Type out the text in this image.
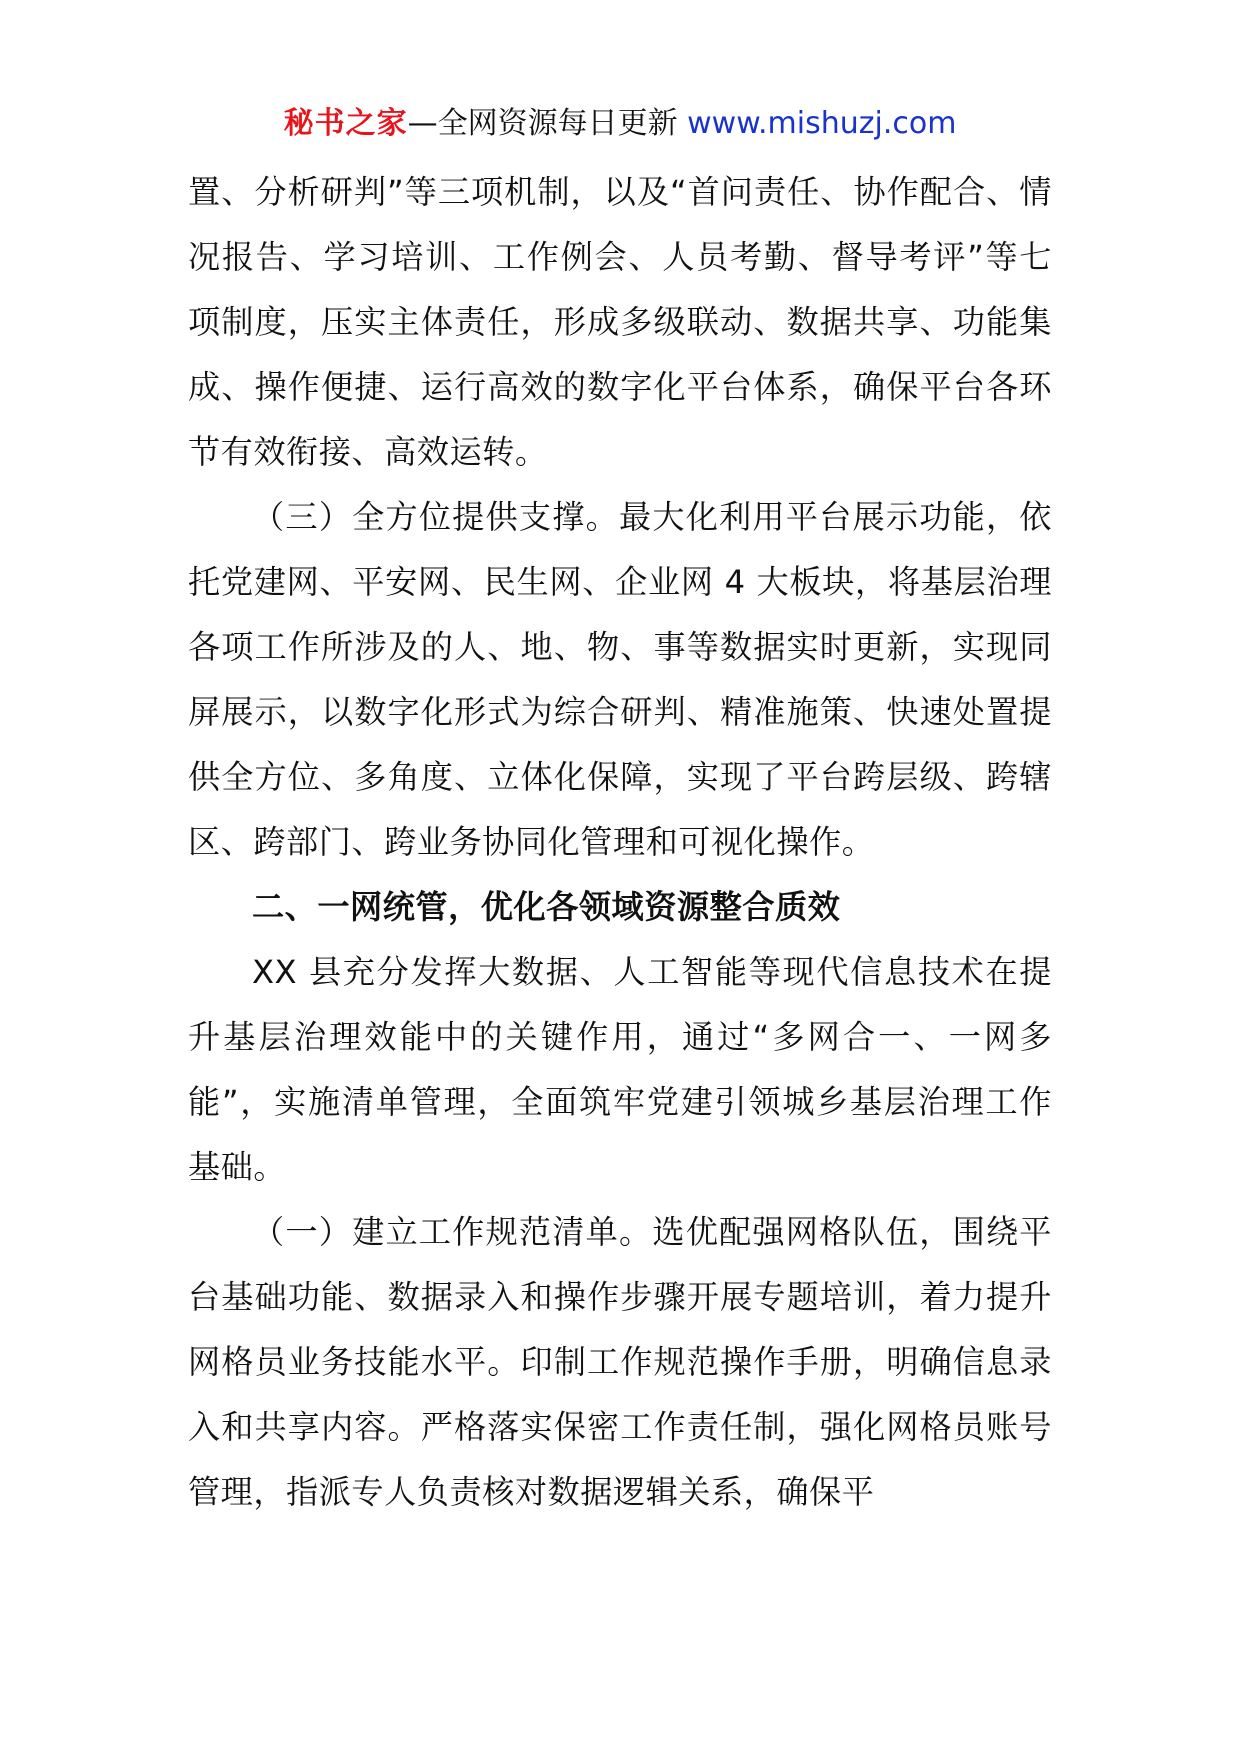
秘书之家—全网资源每日更新 www.mishuzj.com

置、分析研判”等三项机制，以及“首问责任、协作配合、情况报告、学习培训、工作例会、人员考勤、督导考评”等七项制度，压实主体责任，形成多级联动、数据共享、功能集成、操作便捷、运行高效的数字化平台体系，确保平台各环节有效衔接、高效运转。

（三）全方位提供支撑。最大化利用平台展示功能，依托党建网、平安网、民生网、企业网 4 大板块，将基层治理各项工作所涉及的人、地、物、事等数据实时更新，实现同屏展示，以数字化形式为综合研判、精准施策、快速处置提供全方位、多角度、立体化保障，实现了平台跨层级、跨辖区、跨部门、跨业务协同化管理和可视化操作。

二、一网统管，优化各领域资源整合质效

XX 县充分发挥大数据、人工智能等现代信息技术在提升基层治理效能中的关键作用，通过“多网合一、一网多能”，实施清单管理，全面筑牢党建引领城乡基层治理工作基础。

（一）建立工作规范清单。选优配强网格队伍，围绕平台基础功能、数据录入和操作步骤开展专题培训，着力提升网格员业务技能水平。印制工作规范操作手册，明确信息录入和共享内容。严格落实保密工作责任制，强化网格员账号管理，指派专人负责核对数据逻辑关系，确保平
